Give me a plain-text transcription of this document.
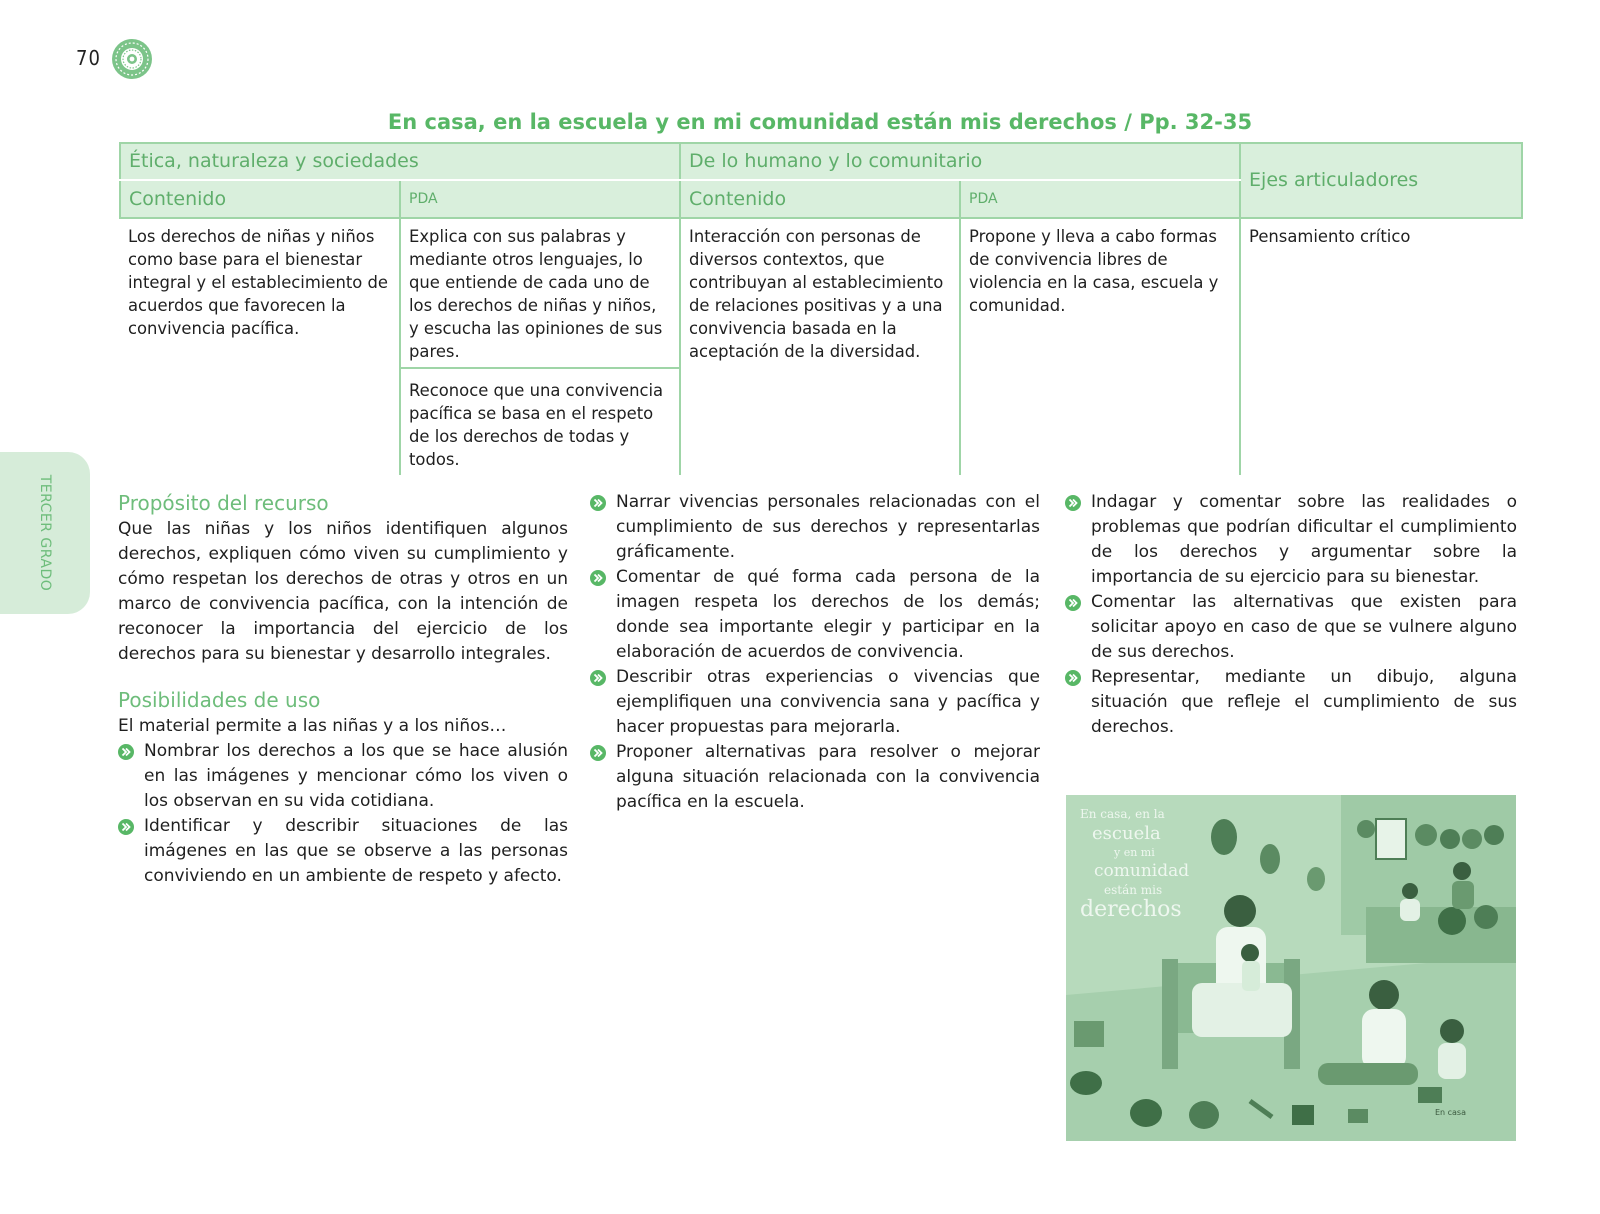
70
TERCER GRADO
En casa, en la escuela y en mi comunidad están mis derechos / Pp. 32-35
Ética, naturaleza y sociedades		De lo humano y lo comunitario		Ejes articuladores
Contenido	PDA	Contenido	PDA	
Los derechos de niñas y niños como base para el bienestar integral y el establecimiento de acuerdos que favorecen la convivencia pacífica.	Explica con sus palabras y mediante otros lenguajes, lo que entiende de cada uno de los derechos de niñas y niños, y escucha las opiniones de sus pares.	Interacción con personas de diversos contextos, que contribuyan al establecimiento de relaciones positivas y a una convivencia basada en la aceptación de la diversidad.	Propone y lleva a cabo formas de convivencia libres de violencia en la casa, escuela y comunidad.	Pensamiento crítico
	Reconoce que una convivencia pacífica se basa en el respeto de los derechos de todas y todos.			
Propósito del recurso

Que las niñas y los niños identifiquen algunos derechos, expliquen cómo viven su cumplimiento y cómo respetan los derechos de otras y otros en un marco de convivencia pacífica, con la intención de reconocer la importancia del ejercicio de los derechos para su bienestar y desarrollo integrales.

Posibilidades de uso

El material permite a las niñas y a los niños…

Nombrar los derechos a los que se hace alusión en las imágenes y mencionar cómo los viven o los observan en su vida cotidiana.
Identificar y describir situaciones de las imágenes en las que se observe a las personas conviviendo en un ambiente de respeto y afecto.
Narrar vivencias personales relacionadas con el cumplimiento de sus derechos y representarlas gráficamente.
Comentar de qué forma cada persona de la imagen respeta los derechos de los demás; donde sea importante elegir y participar en la elaboración de acuerdos de convivencia.
Describir otras experiencias o vivencias que ejemplifiquen una convivencia sana y pacífica y hacer propuestas para mejorarla.
Proponer alternativas para resolver o mejorar alguna situación relacionada con la convivencia pacífica en la escuela.
Indagar y comentar sobre las realidades o problemas que podrían dificultar el cumplimiento de los derechos y argumentar sobre la importancia de su ejercicio para su bienestar.
Comentar las alternativas que existen para solicitar apoyo en caso de que se vulnere alguno de sus derechos.
Representar, mediante un dibujo, alguna situación que refleje el cumplimiento de sus derechos.
En casa, en la
escuela
y en mi
comunidad
están mis
derechos
En casa
